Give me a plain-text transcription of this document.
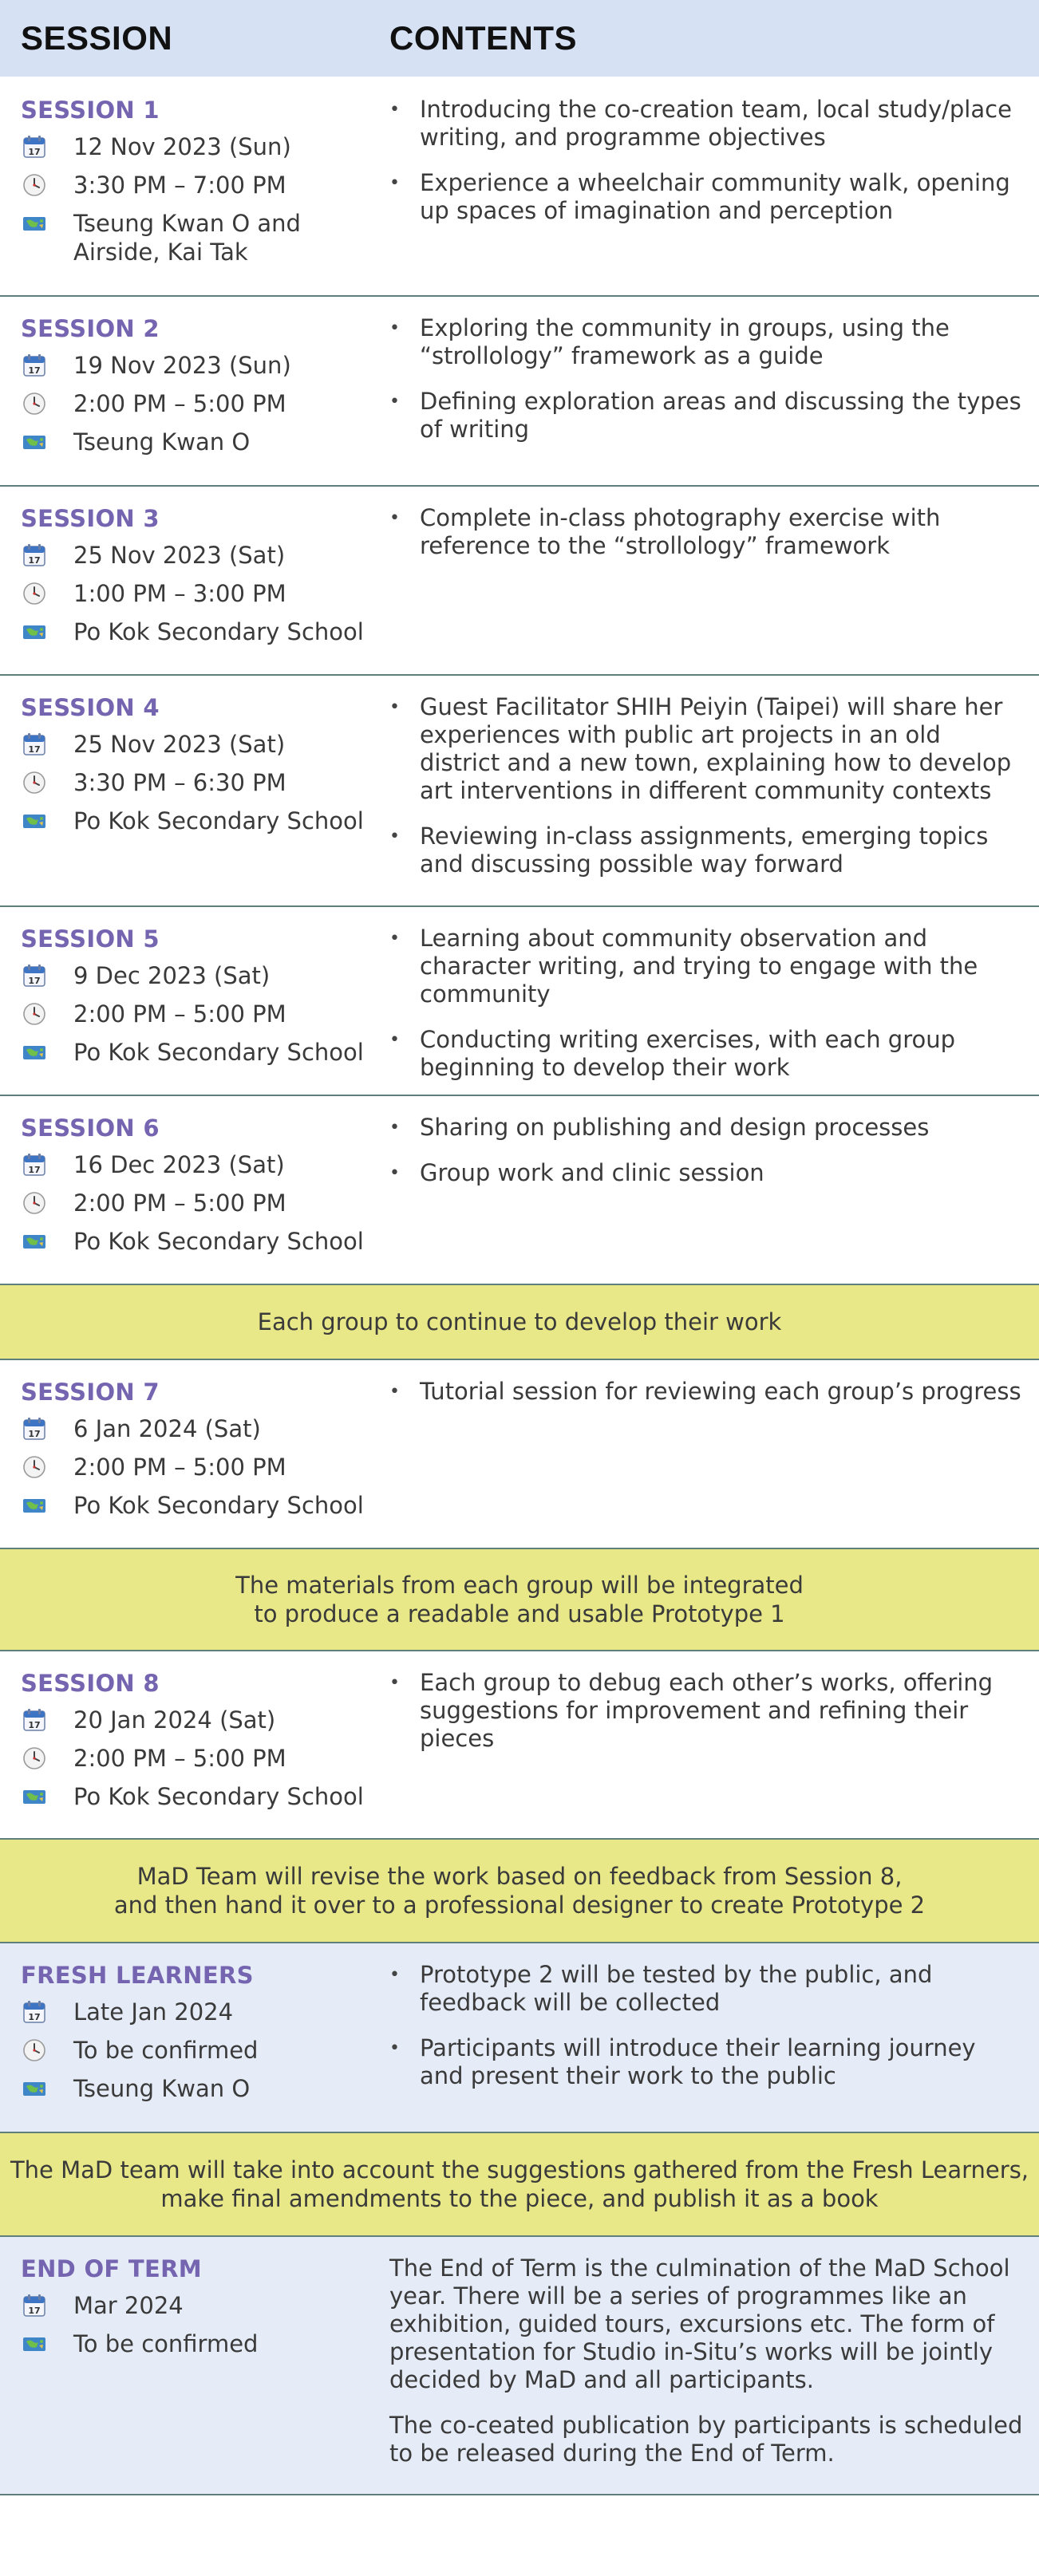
SESSION	CONTENTS
SESSION 1
17 12 Nov 2023 (Sun)
3:30 PM – 7:00 PM
Tseung Kwan O and
Airside, Kai Tak
• Introducing the co-creation team, local study/place writing, and programme objectives
• Experience a wheelchair community walk, opening up spaces of imagination and perception
SESSION 2
17 19 Nov 2023 (Sun)
2:00 PM – 5:00 PM
Tseung Kwan O
• Exploring the community in groups, using the “strollology” framework as a guide
• Defining exploration areas and discussing the types of writing
SESSION 3
17 25 Nov 2023 (Sat)
1:00 PM – 3:00 PM
Po Kok Secondary School
• Complete in-class photography exercise with reference to the “strollology” framework
SESSION 4
17 25 Nov 2023 (Sat)
3:30 PM – 6:30 PM
Po Kok Secondary School
• Guest Facilitator SHIH Peiyin (Taipei) will share her experiences with public art projects in an old district and a new town, explaining how to develop art interventions in different community contexts
• Reviewing in-class assignments, emerging topics and discussing possible way forward
SESSION 5
17 9 Dec 2023 (Sat)
2:00 PM – 5:00 PM
Po Kok Secondary School
• Learning about community observation and character writing, and trying to engage with the community
• Conducting writing exercises, with each group beginning to develop their work
SESSION 6
17 16 Dec 2023 (Sat)
2:00 PM – 5:00 PM
Po Kok Secondary School
• Sharing on publishing and design processes
• Group work and clinic session
Each group to continue to develop their work
SESSION 7
17 6 Jan 2024 (Sat)
2:00 PM – 5:00 PM
Po Kok Secondary School
• Tutorial session for reviewing each group’s progress
The materials from each group will be integrated
to produce a readable and usable Prototype 1
SESSION 8
17 20 Jan 2024 (Sat)
2:00 PM – 5:00 PM
Po Kok Secondary School
• Each group to debug each other’s works, offering suggestions for improvement and refining their pieces
MaD Team will revise the work based on feedback from Session 8,
and then hand it over to a professional designer to create Prototype 2
FRESH LEARNERS
17 Late Jan 2024
To be confirmed
Tseung Kwan O
• Prototype 2 will be tested by the public, and feedback will be collected
• Participants will introduce their learning journey and present their work to the public
The MaD team will take into account the suggestions gathered from the Fresh Learners,
make final amendments to the piece, and publish it as a book
END OF TERM
17 Mar 2024
To be confirmed

The End of Term is the culmination of the MaD School year. There will be a series of programmes like an exhibition, guided tours, excursions etc. The form of presentation for Studio in-Situ’s works will be jointly decided by MaD and all participants.

The co-ceated publication by participants is scheduled to be released during the End of Term.
